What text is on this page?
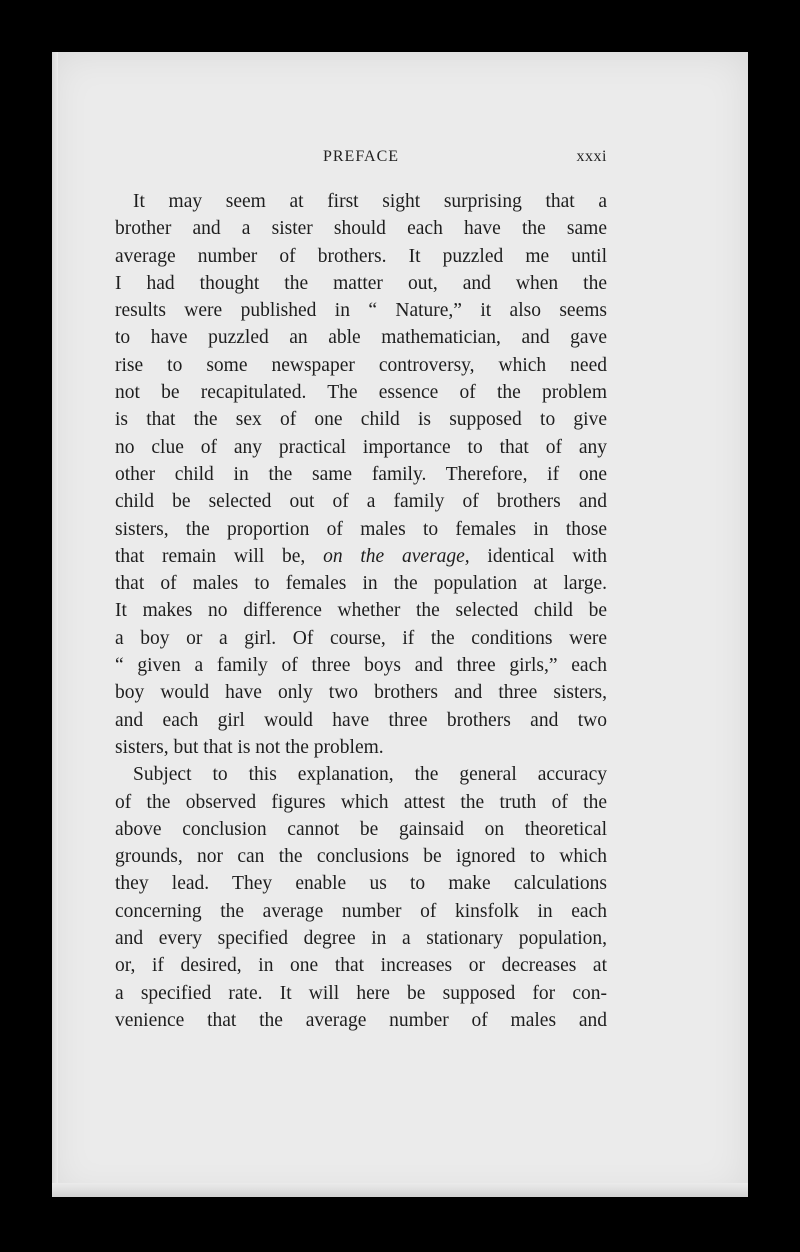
PREFACE	xxxi
It may seem at first sight surprising that a
brother and a sister should each have the same
average number of brothers. It puzzled me until
I had thought the matter out, and when the
results were published in “ Nature,” it also seems
to have puzzled an able mathematician, and gave
rise to some newspaper controversy, which need
not be recapitulated. The essence of the problem
is that the sex of one child is supposed to give
no clue of any practical importance to that of any
other child in the same family. Therefore, if one
child be selected out of a family of brothers and
sisters, the proportion of males to females in those
that remain will be, on the average, identical with
that of males to females in the population at large.
It makes no difference whether the selected child be
a boy or a girl. Of course, if the conditions were
“ given a family of three boys and three girls,” each
boy would have only two brothers and three sisters,
and each girl would have three brothers and two
sisters, but that is not the problem.
Subject to this explanation, the general accuracy
of the observed figures which attest the truth of the
above conclusion cannot be gainsaid on theoretical
grounds, nor can the conclusions be ignored to which
they lead. They enable us to make calculations
concerning the average number of kinsfolk in each
and every specified degree in a stationary population,
or, if desired, in one that increases or decreases at
a specified rate. It will here be supposed for con-
venience that the average number of males and
